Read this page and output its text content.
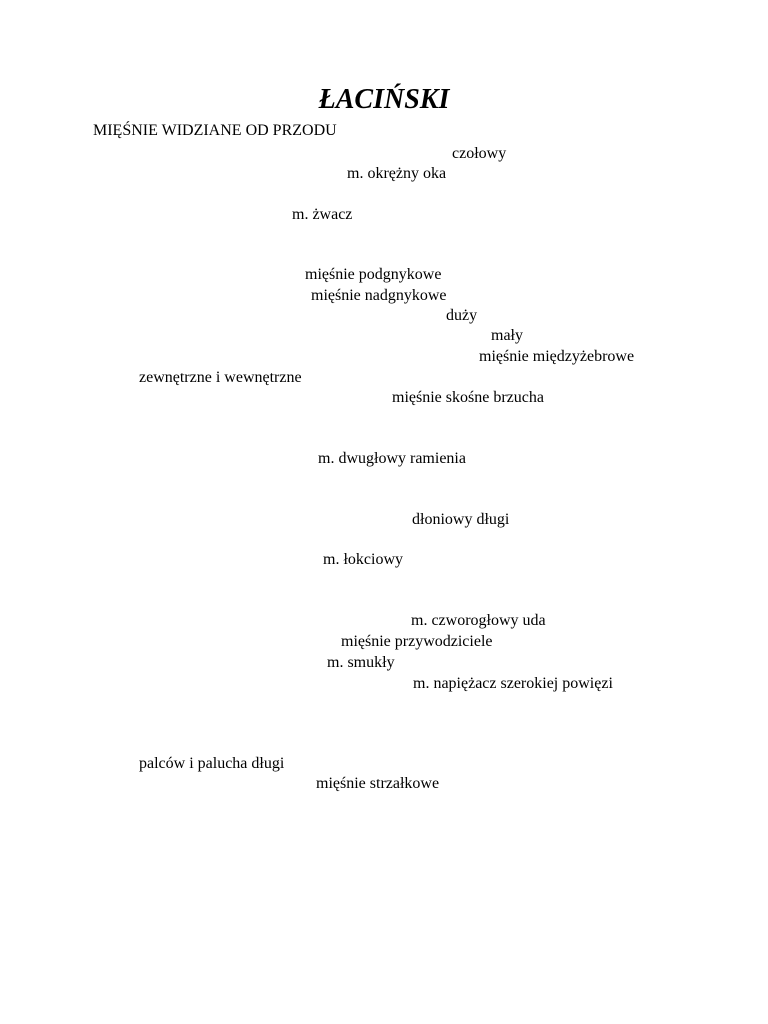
ŁACIŃSKI
MIĘŚNIE WIDZIANE OD PRZODU
czołowy
m. okrężny oka
m. żwacz
mięśnie podgnykowe
mięśnie nadgnykowe
duży
mały
mięśnie międzyżebrowe
zewnętrzne i wewnętrzne
mięśnie skośne brzucha
m. dwugłowy ramienia
dłoniowy długi
m. łokciowy
m. czworogłowy uda
mięśnie przywodziciele
m. smukły
m. napiężacz szerokiej powięzi
palców i palucha długi
mięśnie strzałkowe
